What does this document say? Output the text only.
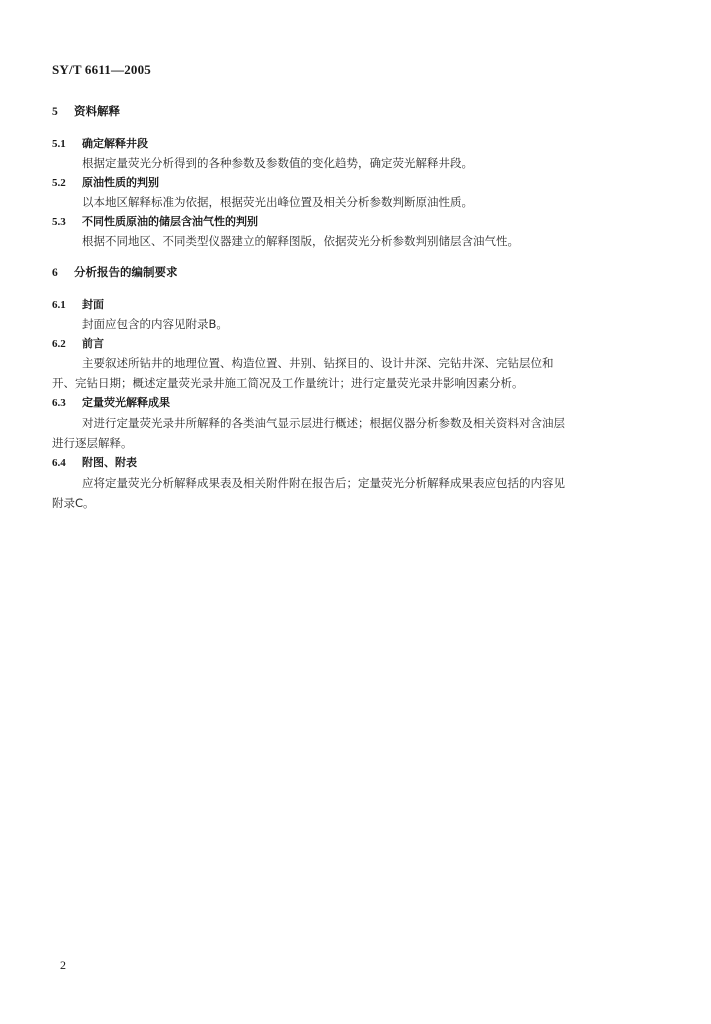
SY/T 6611—2005
5 资料解释
5.1 确定解释井段
根据定量荧光分析得到的各种参数及参数值的变化趋势，确定荧光解释井段。
5.2 原油性质的判别
以本地区解释标准为依据，根据荧光出峰位置及相关分析参数判断原油性质。
5.3 不同性质原油的储层含油气性的判别
根据不同地区、不同类型仪器建立的解释图版，依据荧光分析参数判别储层含油气性。
6 分析报告的编制要求
6.1 封面
封面应包含的内容见附录B。
6.2 前言
主要叙述所钻井的地理位置、构造位置、井别、钻探目的、设计井深、完钻井深、完钻层位和
开、完钻日期；概述定量荧光录井施工简况及工作量统计；进行定量荧光录井影响因素分析。
6.3 定量荧光解释成果
对进行定量荧光录井所解释的各类油气显示层进行概述；根据仪器分析参数及相关资料对含油层
进行逐层解释。
6.4 附图、附表
应将定量荧光分析解释成果表及相关附件附在报告后；定量荧光分析解释成果表应包括的内容见
附录C。
2
